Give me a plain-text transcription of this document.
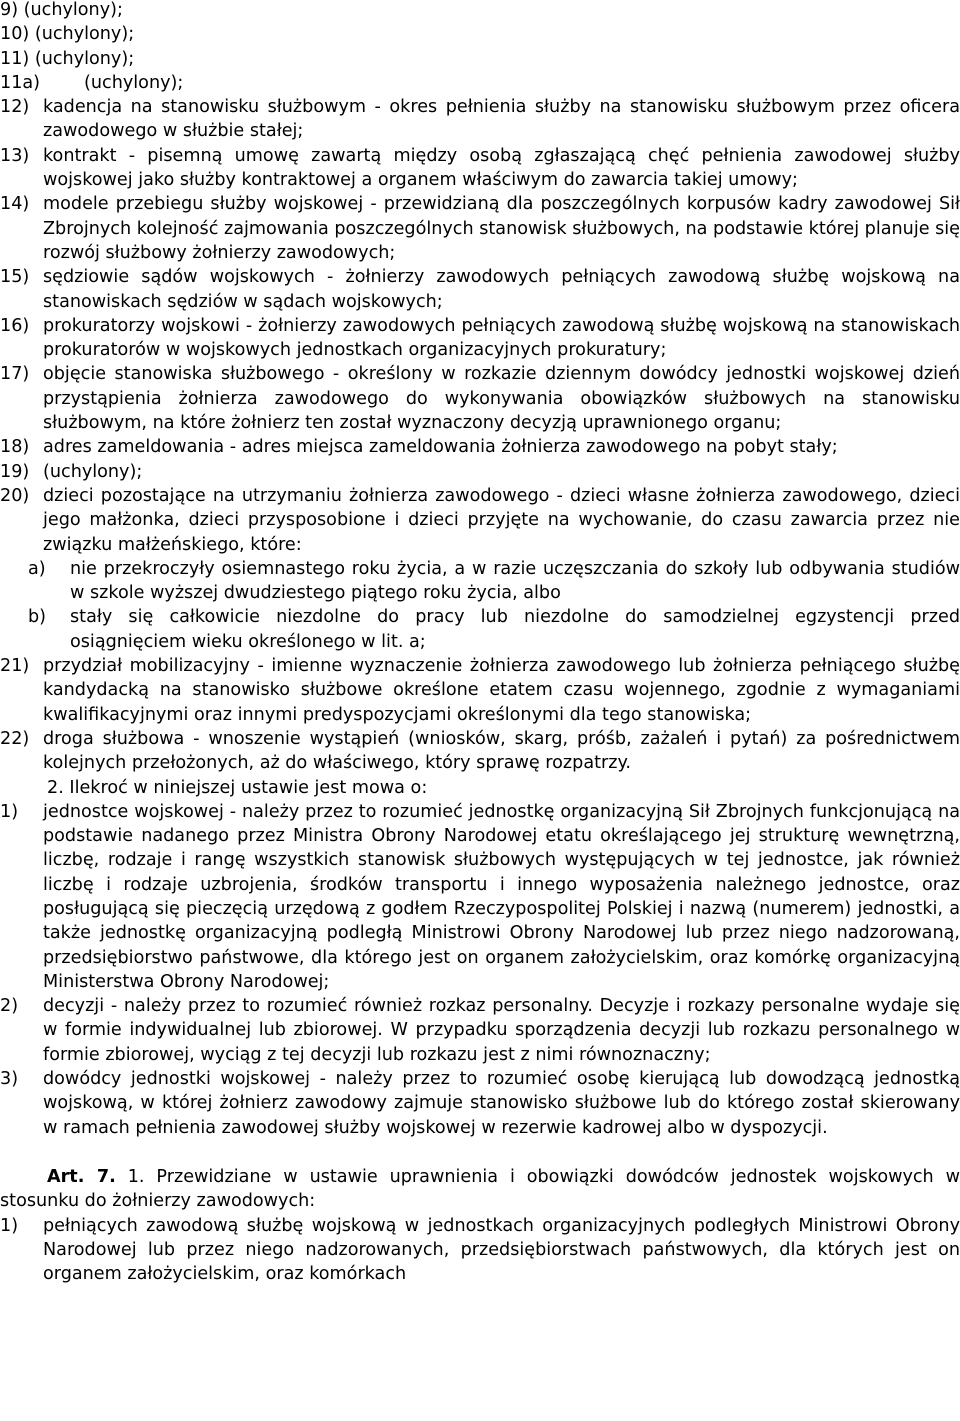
9) (uchylony);
10) (uchylony);
11) (uchylony);
11a)	(uchylony);
12) kadencja na stanowisku służbowym - okres pełnienia służby na stanowisku służbowym przez oficera zawodowego w służbie stałej;
13) kontrakt - pisemną umowę zawartą między osobą zgłaszającą chęć pełnienia zawodowej służby wojskowej jako służby kontraktowej a organem właściwym do zawarcia takiej umowy;
14) modele przebiegu służby wojskowej - przewidzianą dla poszczególnych korpusów kadry zawodowej Sił Zbrojnych kolejność zajmowania poszczególnych stanowisk służbowych, na podstawie której planuje się rozwój służbowy żołnierzy zawodowych;
15) sędziowie sądów wojskowych - żołnierzy zawodowych pełniących zawodową służbę wojskową na stanowiskach sędziów w sądach wojskowych;
16) prokuratorzy wojskowi - żołnierzy zawodowych pełniących zawodową służbę wojskową na stanowiskach prokuratorów w wojskowych jednostkach organizacyjnych prokuratury;
17) objęcie stanowiska służbowego - określony w rozkazie dziennym dowódcy jednostki wojskowej dzień przystąpienia żołnierza zawodowego do wykonywania obowiązków służbowych na stanowisku służbowym, na które żołnierz ten został wyznaczony decyzją uprawnionego organu;
18) adres zameldowania - adres miejsca zameldowania żołnierza zawodowego na pobyt stały;
19) (uchylony);
20) dzieci pozostające na utrzymaniu żołnierza zawodowego - dzieci własne żołnierza zawodowego, dzieci jego małżonka, dzieci przysposobione i dzieci przyjęte na wychowanie, do czasu zawarcia przez nie związku małżeńskiego, które:
a) nie przekroczyły osiemnastego roku życia, a w razie uczęszczania do szkoły lub odbywania studiów w szkole wyższej dwudziestego piątego roku życia, albo
b) stały się całkowicie niezdolne do pracy lub niezdolne do samodzielnej egzystencji przed osiągnięciem wieku określonego w lit. a;
21) przydział mobilizacyjny - imienne wyznaczenie żołnierza zawodowego lub żołnierza pełniącego służbę kandydacką na stanowisko służbowe określone etatem czasu wojennego, zgodnie z wymaganiami kwalifikacyjnymi oraz innymi predyspozycjami określonymi dla tego stanowiska;
22) droga służbowa - wnoszenie wystąpień (wniosków, skarg, próśb, zażaleń i pytań) za pośrednictwem kolejnych przełożonych, aż do właściwego, który sprawę rozpatrzy.
2. Ilekroć w niniejszej ustawie jest mowa o:
1) jednostce wojskowej - należy przez to rozumieć jednostkę organizacyjną Sił Zbrojnych funkcjonującą na podstawie nadanego przez Ministra Obrony Narodowej etatu określającego jej strukturę wewnętrzną, liczbę, rodzaje i rangę wszystkich stanowisk służbowych występujących w tej jednostce, jak również liczbę i rodzaje uzbrojenia, środków transportu i innego wyposażenia należnego jednostce, oraz posługującą się pieczęcią urzędową z godłem Rzeczypospolitej Polskiej i nazwą (numerem) jednostki, a także jednostkę organizacyjną podległą Ministrowi Obrony Narodowej lub przez niego nadzorowaną, przedsiębiorstwo państwowe, dla którego jest on organem założycielskim, oraz komórkę organizacyjną Ministerstwa Obrony Narodowej;
2) decyzji - należy przez to rozumieć również rozkaz personalny. Decyzje i rozkazy personalne wydaje się w formie indywidualnej lub zbiorowej. W przypadku sporządzenia decyzji lub rozkazu personalnego w formie zbiorowej, wyciąg z tej decyzji lub rozkazu jest z nimi równoznaczny;
3) dowódcy jednostki wojskowej - należy przez to rozumieć osobę kierującą lub dowodzącą jednostką wojskową, w której żołnierz zawodowy zajmuje stanowisko służbowe lub do którego został skierowany w ramach pełnienia zawodowej służby wojskowej w rezerwie kadrowej albo w dyspozycji.
Art. 7. 1. Przewidziane w ustawie uprawnienia i obowiązki dowódców jednostek wojskowych w stosunku do żołnierzy zawodowych:
1) pełniących zawodową służbę wojskową w jednostkach organizacyjnych podległych Ministrowi Obrony Narodowej lub przez niego nadzorowanych, przedsiębiorstwach państwowych, dla których jest on organem założycielskim, oraz komórkach
